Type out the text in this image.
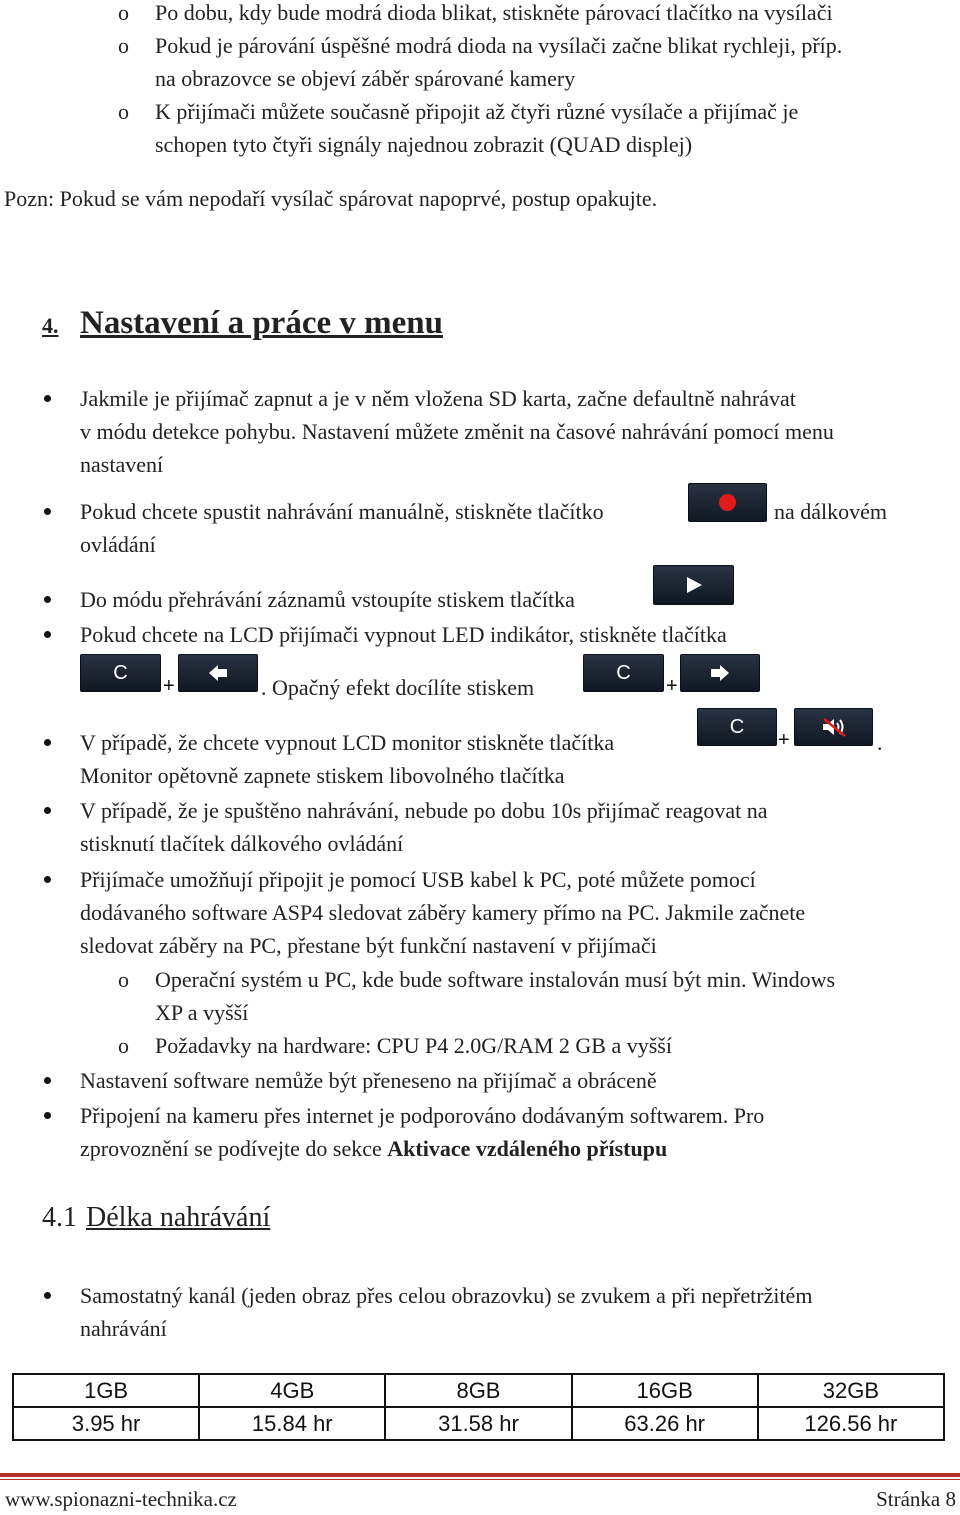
o Po dobu, kdy bude modrá dioda blikat, stiskněte párovací tlačítko na vysílači
o Pokud je párování úspěšné modrá dioda na vysílači začne blikat rychleji, příp.
na obrazovce se objeví záběr spárované kamery
o K přijímači můžete současně připojit až čtyři různé vysílače a přijímač je
schopen tyto čtyři signály najednou zobrazit (QUAD displej)
Pozn: Pokud se vám nepodaří vysílač spárovat napoprvé, postup opakujte.
4. Nastavení a práce v menu
Jakmile je přijímač zapnut a je v něm vložena SD karta, začne defaultně nahrávat
v módu detekce pohybu. Nastavení můžete změnit na časové nahrávání pomocí menu
nastavení
Pokud chcete spustit nahrávání manuálně, stiskněte tlačítko	na dálkovém
ovládání
Do módu přehrávání záznamů vstoupíte stiskem tlačítka
Pokud chcete na LCD přijímači vypnout LED indikátor, stiskněte tlačítka
C
+	. Opačný efekt docílíte stiskem
C
+
V případě, že chcete vypnout LCD monitor stiskněte tlačítka
C
+	.
Monitor opětovně zapnete stiskem libovolného tlačítka
V případě, že je spuštěno nahrávání, nebude po dobu 10s přijímač reagovat na
stisknutí tlačítek dálkového ovládání
Přijímače umožňují připojit je pomocí USB kabel k PC, poté můžete pomocí
dodávaného software ASP4 sledovat záběry kamery přímo na PC. Jakmile začnete
sledovat záběry na PC, přestane být funkční nastavení v přijímači
o Operační systém u PC, kde bude software instalován musí být min. Windows
XP a vyšší
o Požadavky na hardware: CPU P4 2.0G/RAM 2 GB a vyšší
Nastavení software nemůže být přeneseno na přijímač a obráceně
Připojení na kameru přes internet je podporováno dodávaným softwarem. Pro
zprovoznění se podívejte do sekce Aktivace vzdáleného přístupu
4.1 Délka nahrávání
Samostatný kanál (jeden obraz přes celou obrazovku) se zvukem a při nepřetržitém
nahrávání
1GB	4GB	8GB	16GB	32GB
3.95 hr	15.84 hr	31.58 hr	63.26 hr	126.56 hr
www.spionazni-technika.cz	Stránka 8
